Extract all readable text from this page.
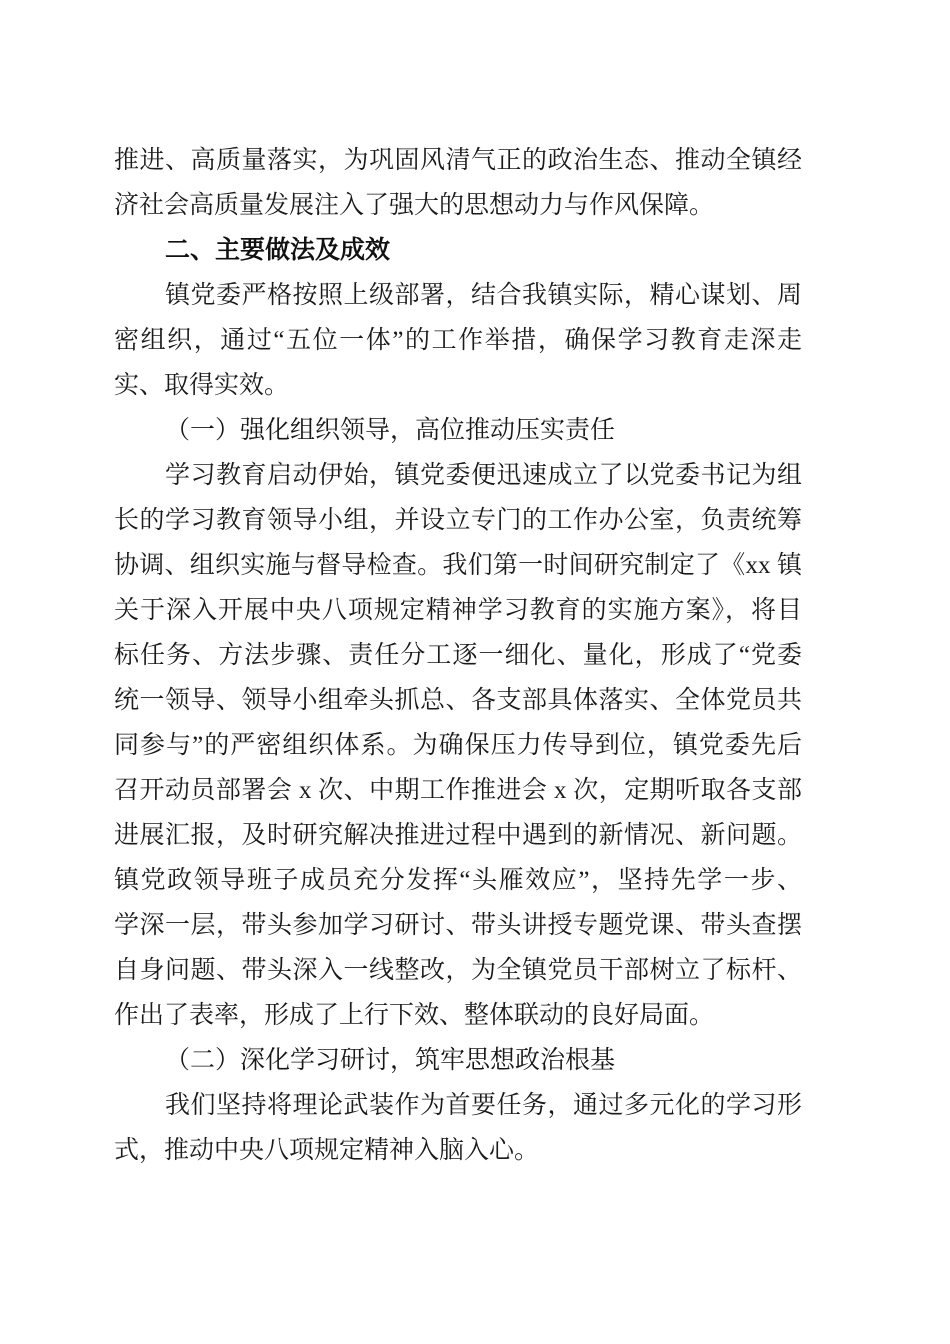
推进、高质量落实，为巩固风清气正的政治生态、推动全镇经
济社会高质量发展注入了强大的思想动力与作风保障。
二、主要做法及成效
镇党委严格按照上级部署，结合我镇实际，精心谋划、周
密组织，通过“五位一体”的工作举措，确保学习教育走深走
实、取得实效。
（一）强化组织领导，高位推动压实责任
学习教育启动伊始，镇党委便迅速成立了以党委书记为组
长的学习教育领导小组，并设立专门的工作办公室，负责统筹
协调、组织实施与督导检查。我们第一时间研究制定了《xx 镇
关于深入开展中央八项规定精神学习教育的实施方案》，将目
标任务、方法步骤、责任分工逐一细化、量化，形成了“党委
统一领导、领导小组牵头抓总、各支部具体落实、全体党员共
同参与”的严密组织体系。为确保压力传导到位，镇党委先后
召开动员部署会 x 次、中期工作推进会 x 次，定期听取各支部
进展汇报，及时研究解决推进过程中遇到的新情况、新问题。
镇党政领导班子成员充分发挥“头雁效应”，坚持先学一步、
学深一层，带头参加学习研讨、带头讲授专题党课、带头查摆
自身问题、带头深入一线整改，为全镇党员干部树立了标杆、
作出了表率，形成了上行下效、整体联动的良好局面。
（二）深化学习研讨，筑牢思想政治根基
我们坚持将理论武装作为首要任务，通过多元化的学习形
式，推动中央八项规定精神入脑入心。
